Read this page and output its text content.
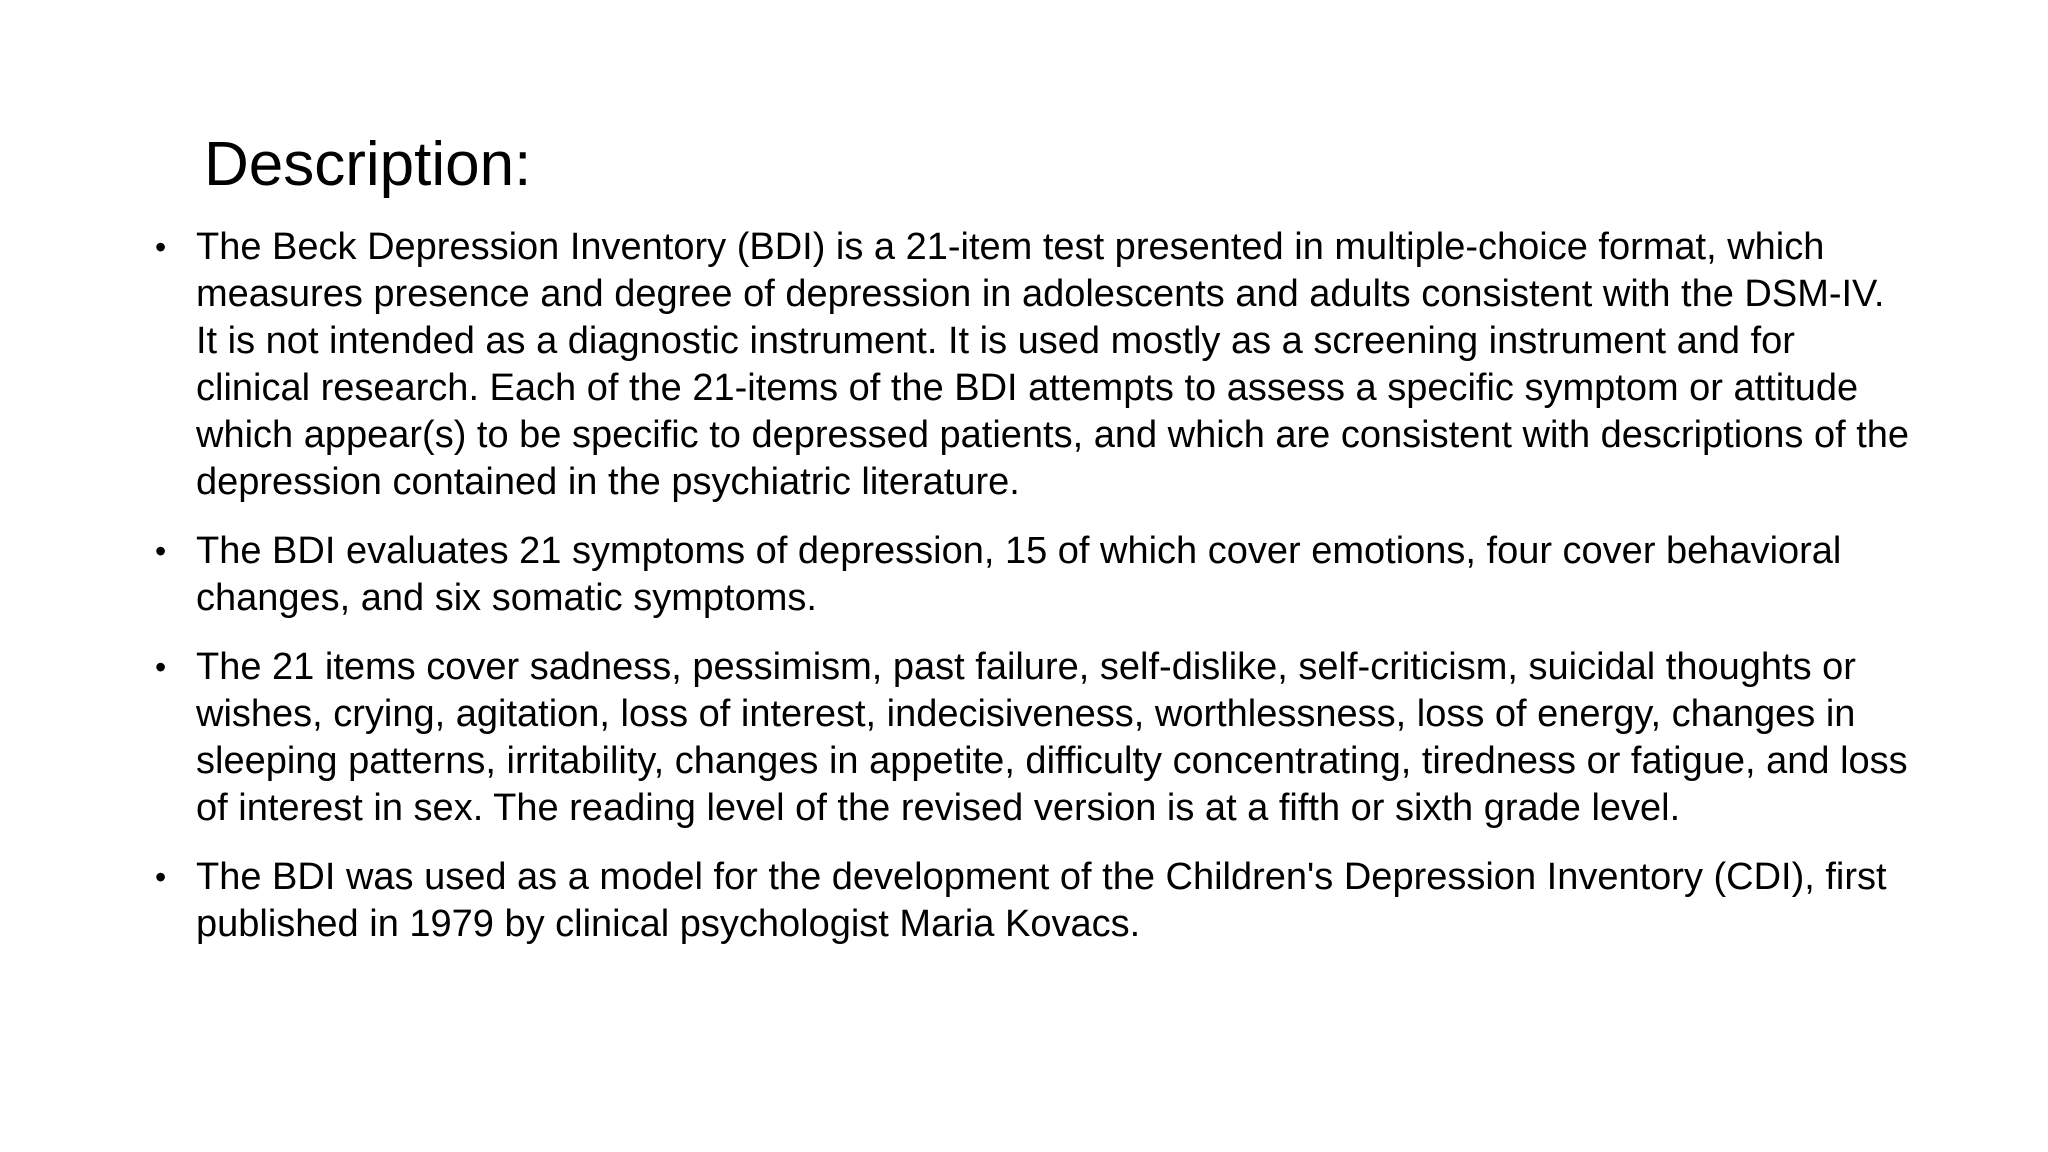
Description:
• The Beck Depression Inventory (BDI) is a 21-item test presented in multiple-choice format, which measures presence and degree of depression in adolescents and adults consistent with the DSM-IV. It is not intended as a diagnostic instrument. It is used mostly as a screening instrument and for clinical research. Each of the 21-items of the BDI attempts to assess a specific symptom or attitude which appear(s) to be specific to depressed patients, and which are consistent with descriptions of the depression contained in the psychiatric literature.
• The BDI evaluates 21 symptoms of depression, 15 of which cover emotions, four cover behavioral changes, and six somatic symptoms.
• The 21 items cover sadness, pessimism, past failure, self-dislike, self-criticism, suicidal thoughts or wishes, crying, agitation, loss of interest, indecisiveness, worthlessness, loss of energy, changes in sleeping patterns, irritability, changes in appetite, difficulty concentrating, tiredness or fatigue, and loss of interest in sex. The reading level of the revised version is at a fifth or sixth grade level.
• The BDI was used as a model for the development of the Children's Depression Inventory (CDI), first published in 1979 by clinical psychologist Maria Kovacs.
